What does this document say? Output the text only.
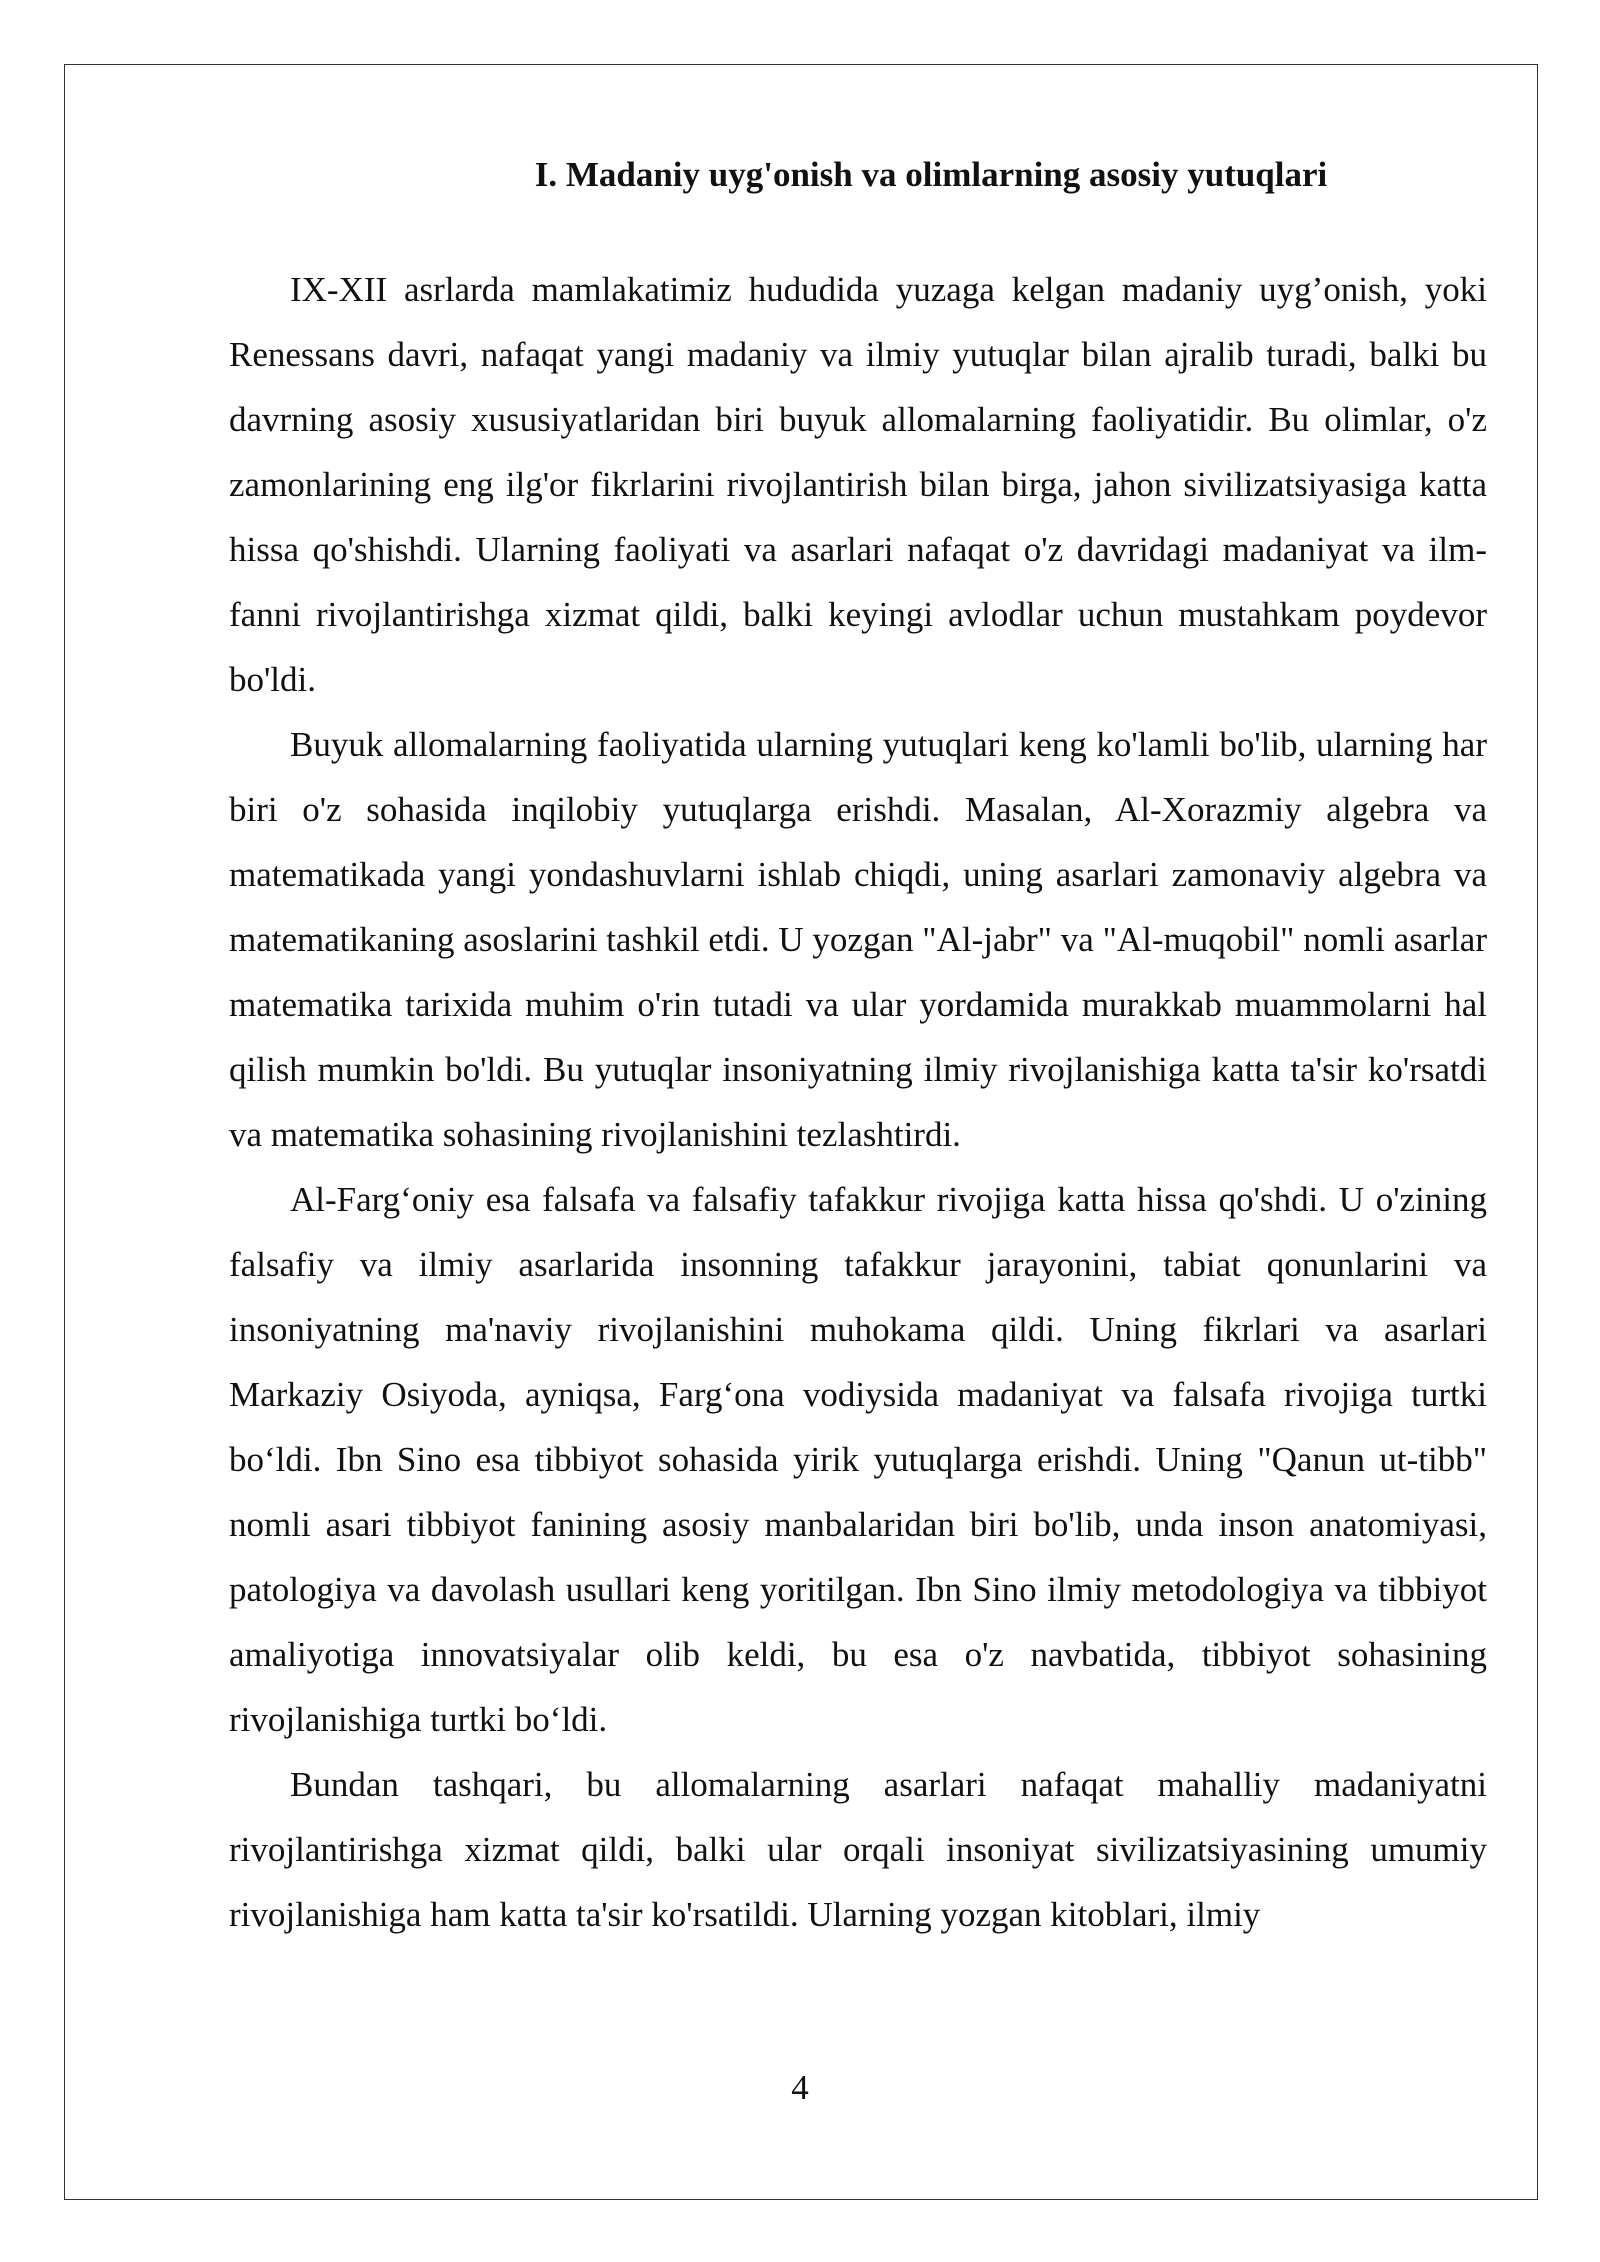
I. Madaniy uyg'onish va olimlarning asosiy yutuqlari

IX-XII asrlarda mamlakatimiz hududida yuzaga kelgan madaniy uyg’onish, yoki Renessans davri, nafaqat yangi madaniy va ilmiy yutuqlar bilan ajralib turadi, balki bu davrning asosiy xususiyatlaridan biri buyuk allomalarning faoliyatidir. Bu olimlar, o'z zamonlarining eng ilg'or fikrlarini rivojlantirish bilan birga, jahon sivilizatsiyasiga katta hissa qo'shishdi. Ularning faoliyati va asarlari nafaqat o'z davridagi madaniyat va ilm-fanni rivojlantirishga xizmat qildi, balki keyingi avlodlar uchun mustahkam poydevor bo'ldi.

Buyuk allomalarning faoliyatida ularning yutuqlari keng ko'lamli bo'lib, ularning har biri o'z sohasida inqilobiy yutuqlarga erishdi. Masalan, Al-Xorazmiy algebra va matematikada yangi yondashuvlarni ishlab chiqdi, uning asarlari zamonaviy algebra va matematikaning asoslarini tashkil etdi. U yozgan "Al-jabr" va "Al-muqobil" nomli asarlar matematika tarixida muhim o'rin tutadi va ular yordamida murakkab muammolarni hal qilish mumkin bo'ldi. Bu yutuqlar insoniyatning ilmiy rivojlanishiga katta ta'sir ko'rsatdi va matematika sohasining rivojlanishini tezlashtirdi.

Al-Farg‘oniy esa falsafa va falsafiy tafakkur rivojiga katta hissa qo'shdi. U o'zining falsafiy va ilmiy asarlarida insonning tafakkur jarayonini, tabiat qonunlarini va insoniyatning ma'naviy rivojlanishini muhokama qildi. Uning fikrlari va asarlari Markaziy Osiyoda, ayniqsa, Farg‘ona vodiysida madaniyat va falsafa rivojiga turtki bo‘ldi. Ibn Sino esa tibbiyot sohasida yirik yutuqlarga erishdi. Uning "Qanun ut-tibb" nomli asari tibbiyot fanining asosiy manbalaridan biri bo'lib, unda inson anatomiyasi, patologiya va davolash usullari keng yoritilgan. Ibn Sino ilmiy metodologiya va tibbiyot amaliyotiga innovatsiyalar olib keldi, bu esa o'z navbatida, tibbiyot sohasining rivojlanishiga turtki bo‘ldi.

Bundan tashqari, bu allomalarning asarlari nafaqat mahalliy madaniyatni rivojlantirishga xizmat qildi, balki ular orqali insoniyat sivilizatsiyasining umumiy rivojlanishiga ham katta ta'sir ko'rsatildi. Ularning yozgan kitoblari, ilmiy

4
